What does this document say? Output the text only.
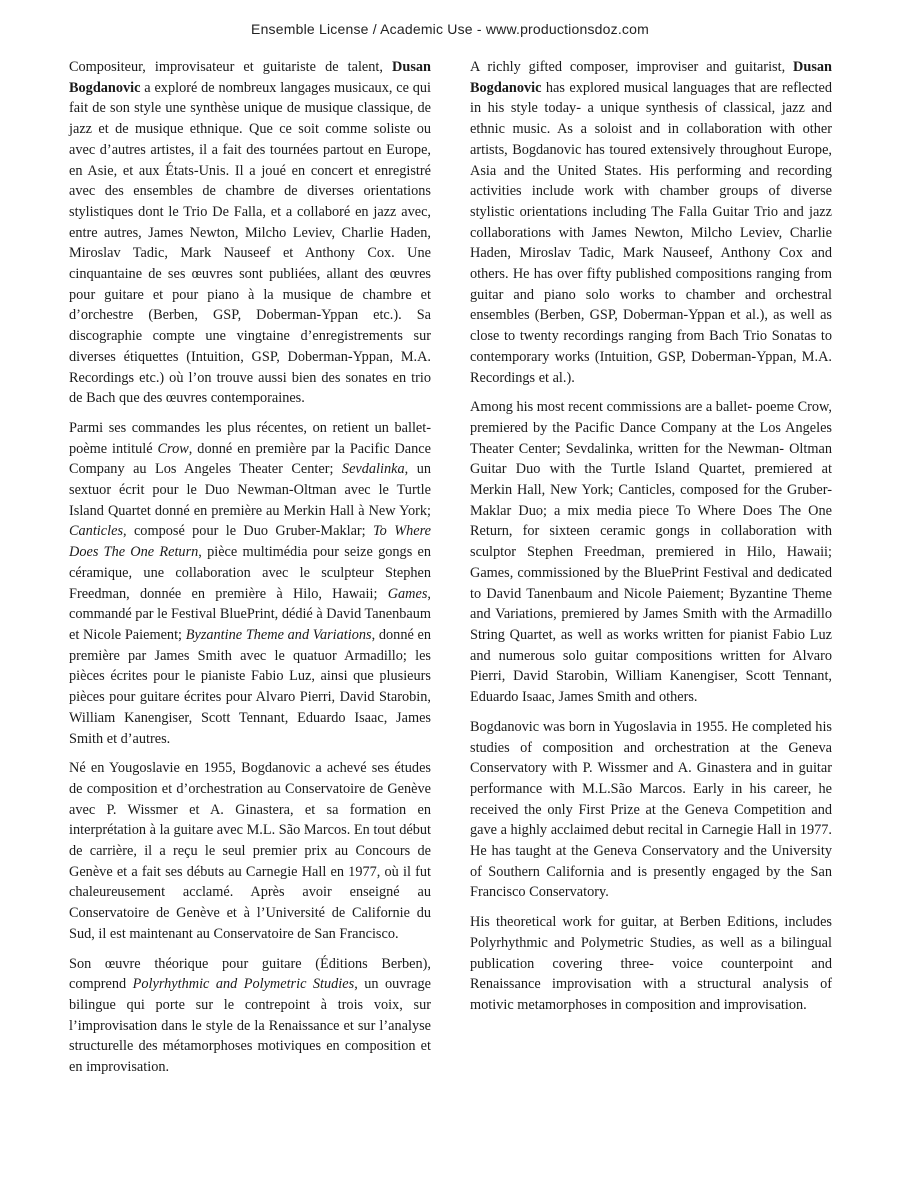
Ensemble License / Academic Use - www.productionsdoz.com

Compositeur, improvisateur et guitariste de talent, Dusan Bogdanovic a exploré de nombreux langages musicaux, ce qui fait de son style une synthèse unique de musique classique, de jazz et de musique ethnique. Que ce soit comme soliste ou avec d’autres artistes, il a fait des tournées partout en Europe, en Asie, et aux États-Unis. Il a joué en concert et enregistré avec des ensembles de chambre de diverses orientations stylistiques dont le Trio De Falla, et a collaboré en jazz avec, entre autres, James Newton, Milcho Leviev, Charlie Haden, Miroslav Tadic, Mark Nauseef et Anthony Cox. Une cinquantaine de ses œuvres sont publiées, allant des œuvres pour guitare et pour piano à la musique de chambre et d’orchestre (Berben, GSP, Doberman-Yppan etc.). Sa discographie compte une vingtaine d’enregistrements sur diverses étiquettes (Intuition, GSP, Doberman-Yppan, M.A. Recordings etc.) où l’on trouve aussi bien des sonates en trio de Bach que des œuvres contemporaines.

Parmi ses commandes les plus récentes, on retient un ballet-poème intitulé Crow, donné en première par la Pacific Dance Company au Los Angeles Theater Center; Sevdalinka, un sextuor écrit pour le Duo Newman-Oltman avec le Turtle Island Quartet donné en première au Merkin Hall à New York; Canticles, composé pour le Duo Gruber-Maklar; To Where Does The One Return, pièce multimédia pour seize gongs en céramique, une collaboration avec le sculpteur Stephen Freedman, donnée en première à Hilo, Hawaii; Games, commandé par le Festival BluePrint, dédié à David Tanenbaum et Nicole Paiement; Byzantine Theme and Variations, donné en première par James Smith avec le quatuor Armadillo; les pièces écrites pour le pianiste Fabio Luz, ainsi que plusieurs pièces pour guitare écrites pour Alvaro Pierri, David Starobin, William Kanengiser, Scott Tennant, Eduardo Isaac, James Smith et d’autres.

Né en Yougoslavie en 1955, Bogdanovic a achevé ses études de composition et d’orchestration au Conservatoire de Genève avec P. Wissmer et A. Ginastera, et sa formation en interprétation à la guitare avec M.L. São Marcos. En tout début de carrière, il a reçu le seul premier prix au Concours de Genève et a fait ses débuts au Carnegie Hall en 1977, où il fut chaleureusement acclamé. Après avoir enseigné au Conservatoire de Genève et à l’Université de Californie du Sud, il est maintenant au Conservatoire de San Francisco.

Son œuvre théorique pour guitare (Éditions Berben), comprend Polyrhythmic and Polymetric Studies, un ouvrage bilingue qui porte sur le contrepoint à trois voix, sur l’improvisation dans le style de la Renaissance et sur l’analyse structurelle des métamorphoses motiviques en composition et en improvisation.

A richly gifted composer, improviser and guitarist, Dusan Bogdanovic has explored musical languages that are reflected in his style today- a unique synthesis of classical, jazz and ethnic music. As a soloist and in collaboration with other artists, Bogdanovic has toured extensively throughout Europe, Asia and the United States. His performing and recording activities include work with chamber groups of diverse stylistic orientations including The Falla Guitar Trio and jazz collaborations with James Newton, Milcho Leviev, Charlie Haden, Miroslav Tadic, Mark Nauseef, Anthony Cox and others. He has over fifty published compositions ranging from guitar and piano solo works to chamber and orchestral ensembles (Berben, GSP, Doberman-Yppan et al.), as well as close to twenty recordings ranging from Bach Trio Sonatas to contemporary works (Intuition, GSP, Doberman-Yppan, M.A. Recordings et al.).

Among his most recent commissions are a ballet- poeme Crow, premiered by the Pacific Dance Company at the Los Angeles Theater Center; Sevdalinka, written for the Newman- Oltman Guitar Duo with the Turtle Island Quartet, premiered at Merkin Hall, New York; Canticles, composed for the Gruber-Maklar Duo; a mix media piece To Where Does The One Return, for sixteen ceramic gongs in collaboration with sculptor Stephen Freedman, premiered in Hilo, Hawaii; Games, commissioned by the BluePrint Festival and dedicated to David Tanenbaum and Nicole Paiement; Byzantine Theme and Variations, premiered by James Smith with the Armadillo String Quartet, as well as works written for pianist Fabio Luz and numerous solo guitar compositions written for Alvaro Pierri, David Starobin, William Kanengiser, Scott Tennant, Eduardo Isaac, James Smith and others.

Bogdanovic was born in Yugoslavia in 1955. He completed his studies of composition and orchestration at the Geneva Conservatory with P. Wissmer and A. Ginastera and in guitar performance with M.L.São Marcos. Early in his career, he received the only First Prize at the Geneva Competition and gave a highly acclaimed debut recital in Carnegie Hall in 1977. He has taught at the Geneva Conservatory and the University of Southern California and is presently engaged by the San Francisco Conservatory.

His theoretical work for guitar, at Berben Editions, includes Polyrhythmic and Polymetric Studies, as well as a bilingual publication covering three- voice counterpoint and Renaissance improvisation with a structural analysis of motivic metamorphoses in composition and improvisation.
